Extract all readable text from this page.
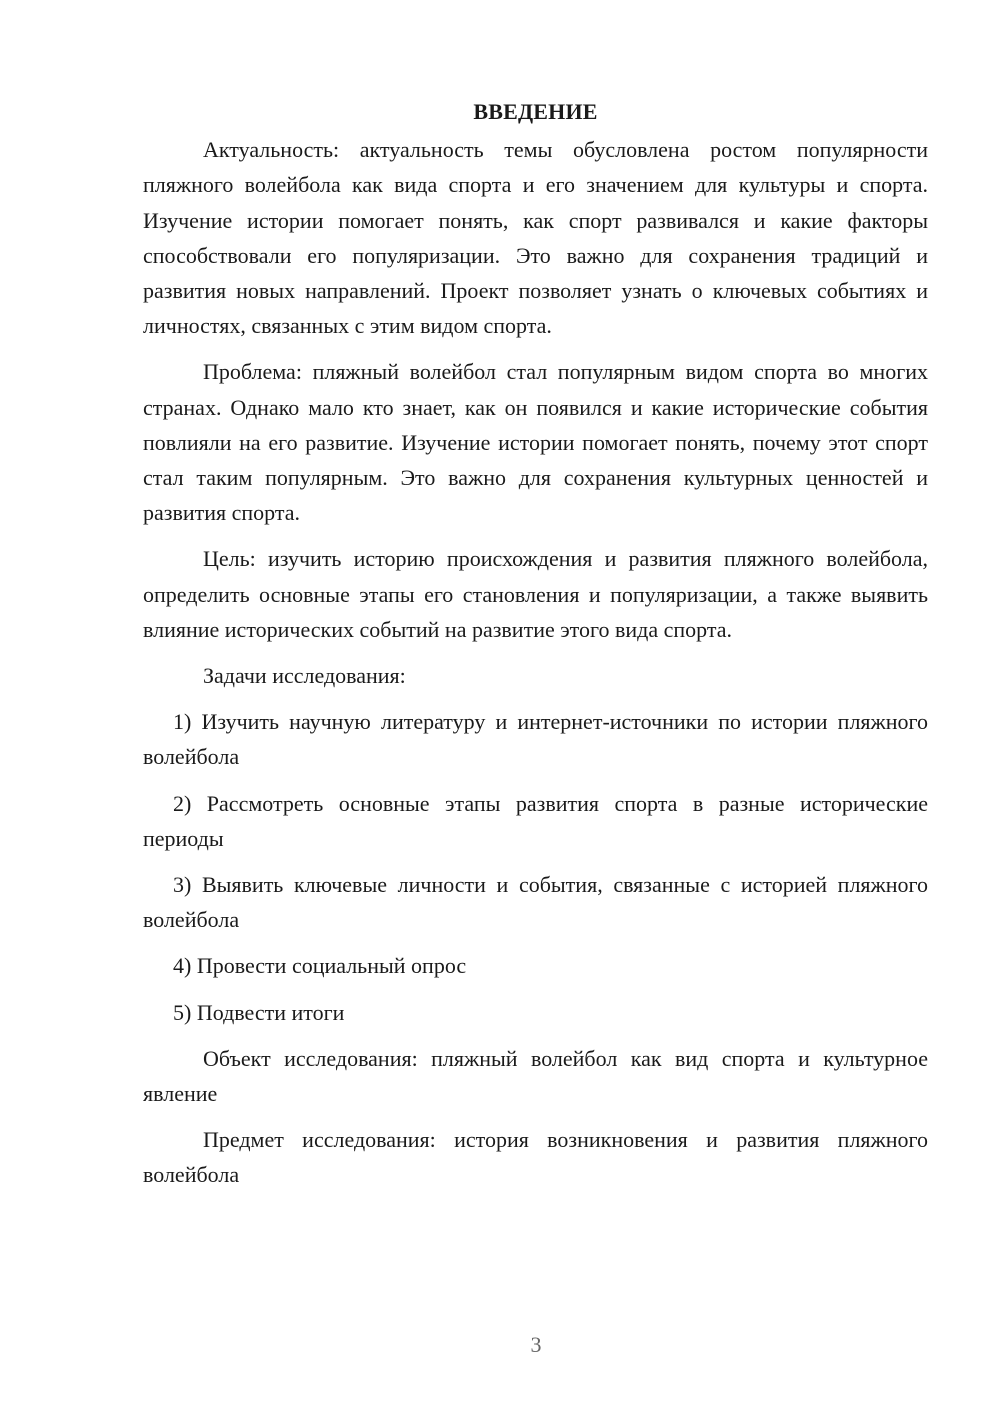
ВВЕДЕНИЕ

Актуальность: актуальность темы обусловлена ростом популярности пляжного волейбола как вида спорта и его значением для культуры и спорта. Изучение истории помогает понять, как спорт развивался и какие факторы способствовали его популяризации. Это важно для сохранения традиций и развития новых направлений. Проект позволяет узнать о ключевых событиях и личностях, связанных с этим видом спорта.

Проблема: пляжный волейбол стал популярным видом спорта во многих странах. Однако мало кто знает, как он появился и какие исторические события повлияли на его развитие. Изучение истории помогает понять, почему этот спорт стал таким популярным. Это важно для сохранения культурных ценностей и развития спорта.

Цель: изучить историю происхождения и развития пляжного волейбола, определить основные этапы его становления и популяризации, а также выявить влияние исторических событий на развитие этого вида спорта.

Задачи исследования:

1) Изучить научную литературу и интернет-источники по истории пляжного волейбола

2) Рассмотреть основные этапы развития спорта в разные исторические периоды

3) Выявить ключевые личности и события, связанные с историей пляжного волейбола

4) Провести социальный опрос

5) Подвести итоги

Объект исследования: пляжный волейбол как вид спорта и культурное явление

Предмет исследования: история возникновения и развития пляжного волейбола

3
